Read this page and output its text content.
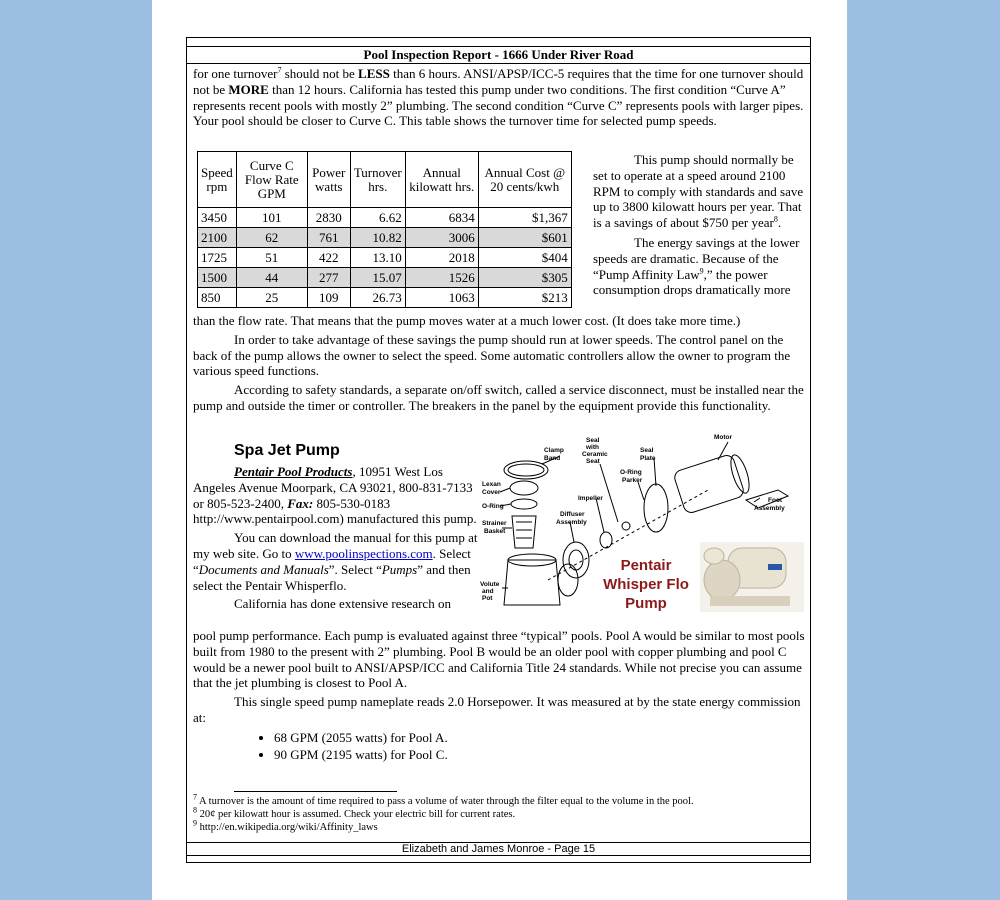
Pool Inspection Report - 1666 Under River Road
for one turnover$^7$ should not be LESS than 6 hours. ANSI/APSP/ICC-5 requires that the time for one turnover should not be MORE than 12 hours. California has tested this pump under two conditions. The first condition “Curve A” represents recent pools with mostly 2” plumbing. The second condition “Curve C” represents pools with larger pipes. Your pool should be closer to Curve C. This table shows the turnover time for selected pump speeds.
Speed rpm	Curve C Flow Rate GPM	Power watts	Turnover hrs.	Annual kilowatt hrs.	Annual Cost @ 20 cents/kwh
3450	101	2830	6.62	6834	$1,367
2100	62	761	10.82	3006	$601
1725	51	422	13.10	2018	$404
1500	44	277	15.07	1526	$305
850	25	109	26.73	1063	$213
This pump should normally be set to operate at a speed around 2100 RPM to comply with standards and save up to 3800 kilowatt hours per year. That is a savings of about $750 per year$^8$.
The energy savings at the lower speeds are dramatic. Because of the “Pump Affinity Law$^9$,” the power consumption drops dramatically more
than the flow rate. That means that the pump moves water at a much lower cost. (It does take more time.)
In order to take advantage of these savings the pump should run at lower speeds. The control panel on the back of the pump allows the owner to select the speed. Some automatic controllers allow the owner to program the various speed functions.
According to safety standards, a separate on/off switch, called a service disconnect, must be installed near the pump and outside the timer or controller. The breakers in the panel by the equipment provide this functionality.
Spa Jet Pump
Pentair Pool Products, 10951 West Los Angeles Avenue Moorpark, CA 93021, 800-831-7133 or 805-523-2400, Fax: 805-530-0183 http://www.pentairpool.com) manufactured this pump.
You can download the manual for this pump at my web site. Go to www.poolinspections.com. Select “Documents and Manuals”. Select “Pumps” and then select the Pentair Whisperflo.
California has done extensive research on
Clamp Band
Seal with Ceramic Seat
Seal Plate
Motor
Lexan Cover
O-Ring
O-Ring Parker
Impeller	Foot Assembly
Strainer Basket
Diffuser Assembly
Volute and Pot
Pentair
Whisper Flo
Pump
pool pump performance. Each pump is evaluated against three “typical” pools. Pool A would be similar to most pools built from 1980 to the present with 2” plumbing. Pool B would be an older pool with copper plumbing and pool C would be a newer pool built to ANSI/APSP/ICC and California Title 24 standards. While not precise you can assume that the jet plumbing is closest to Pool A.
This single speed pump nameplate reads 2.0 Horsepower. It was measured at by the state energy commission at:
• 68 GPM (2055 watts) for Pool A.
• 90 GPM (2195 watts) for Pool C.
$^7$ A turnover is the amount of time required to pass a volume of water through the filter equal to the volume in the pool.
$^8$ 20¢ per kilowatt hour is assumed. Check your electric bill for current rates.
$^9$ http://en.wikipedia.org/wiki/Affinity_laws
Elizabeth and James Monroe - Page 15
